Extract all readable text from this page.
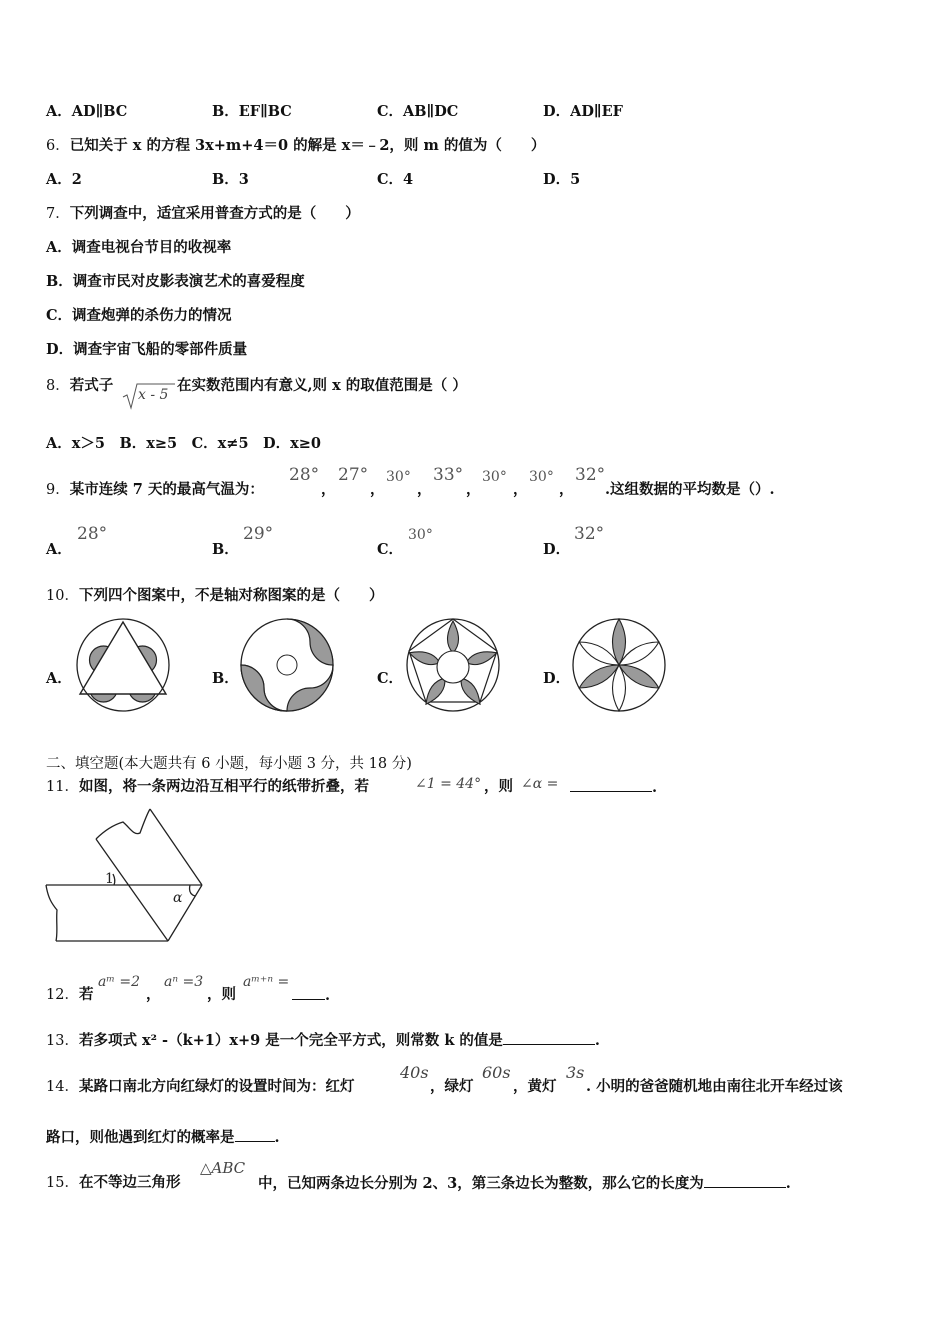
A．AD∥BC	B．EF∥BC	C．AB∥DC	D．AD∥EF
6．已知关于 x 的方程 3x+m+4＝0 的解是 x＝﹣2，则 m 的值为（　　）
A．2	B．3	C．4	D．5
7．下列调查中，适宜采用普查方式的是（　　）
A．调查电视台节目的收视率
B．调查市民对皮影表演艺术的喜爱程度
C．调查炮弹的杀伤力的情况
D．调查宇宙飞船的零部件质量
8．若式子
x - 5
在实数范围内有意义,则 x 的取值范围是（ ）
A．x＞5　B．x≥5　C．x≠5　D．x≥0
9．某市连续 7 天的最高气温为：
28°
，
27°
，
30°
，
33°
，
30°
，
30°
，
32°
.这组数据的平均数是（）.
A．
28°
B．
29°
C．
30°
D．
32°
10．下列四个图案中，不是轴对称图案的是（　　）
A．	B．	C．	D．
二、填空题(本大题共有 6 小题，每小题 3 分，共 18 分)
11．如图，将一条两边沿互相平行的纸带折叠，若	∠1 = 44° ，则 ∠α =	.
1
α
12．若
aᵐ =2
，
aⁿ =3
，则
aᵐ⁺ⁿ =
.
13．若多项式 x² -（k+1）x+9 是一个完全平方式，则常数 k 的值是	.
14．某路口南北方向红绿灯的设置时间为：红灯
40s
，绿灯
60s
，黄灯
3s
. 小明的爸爸随机地由南往北开车经过该
路口，则他遇到红灯的概率是	.
15．在不等边三角形
△ABC
中，已知两条边长分别为 2、3，第三条边长为整数，那么它的长度为	.
